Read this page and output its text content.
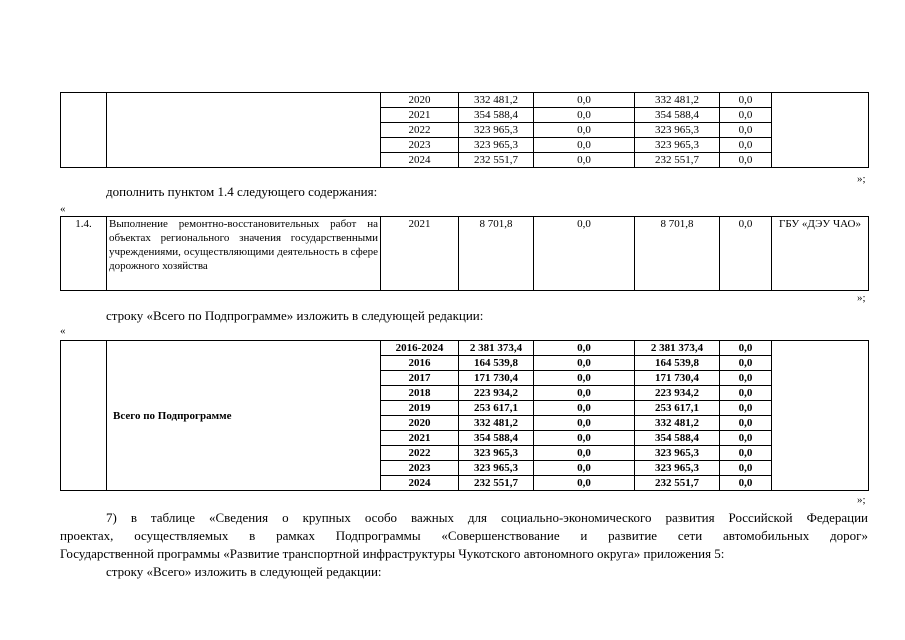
		2020	332 481,2	0,0	332 481,2	0,0	
		2021	354 588,4	0,0	354 588,4	0,0	
		2022	323 965,3	0,0	323 965,3	0,0	
		2023	323 965,3	0,0	323 965,3	0,0	
		2024	232 551,7	0,0	232 551,7	0,0	
»;
дополнить пунктом 1.4 следующего содержания:
«
1.4.	Выполнение ремонтно-восстановительных работ на объектах регионального значения государственными учреждениями, осуществляющими деятельность в сфере дорожного хозяйства	2021	8 701,8	0,0	8 701,8	0,0	ГБУ «ДЭУ ЧАО»
»;
строку «Всего по Подпрограмме» изложить в следующей редакции:
«
	Всего по Подпрограмме	2016-2024	2 381 373,4	0,0	2 381 373,4	0,0	
		2016	164 539,8	0,0	164 539,8	0,0	
		2017	171 730,4	0,0	171 730,4	0,0	
		2018	223 934,2	0,0	223 934,2	0,0	
		2019	253 617,1	0,0	253 617,1	0,0	
		2020	332 481,2	0,0	332 481,2	0,0	
		2021	354 588,4	0,0	354 588,4	0,0	
		2022	323 965,3	0,0	323 965,3	0,0	
		2023	323 965,3	0,0	323 965,3	0,0	
		2024	232 551,7	0,0	232 551,7	0,0	
»;
7) в таблице «Сведения о крупных особо важных для социально-экономического развития Российской Федерации
проектах, осуществляемых в рамках Подпрограммы «Совершенствование и развитие сети автомобильных дорог»
Государственной программы «Развитие транспортной инфраструктуры Чукотского автономного округа» приложения 5:
строку «Всего» изложить в следующей редакции:
